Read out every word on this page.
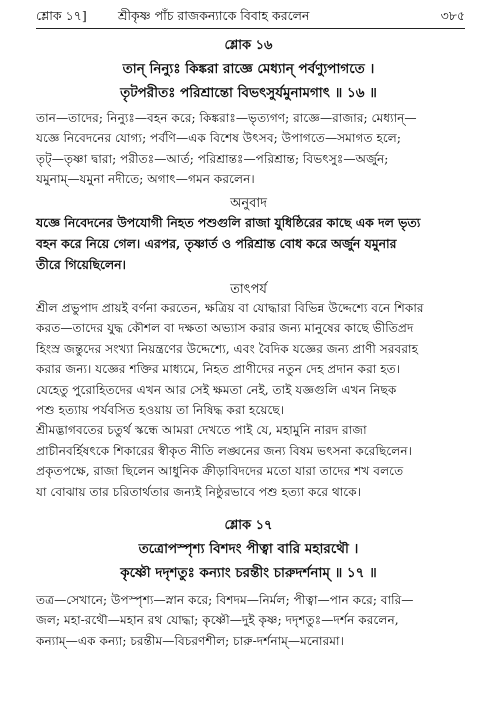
শ্লোক ১৭]	শ্রীকৃষ্ণ পাঁচ রাজকন্যাকে বিবাহ করলেন	৩৮৫
শ্লোক ১৬
তান্ নিন্যুঃ কিঙ্করা রাজ্ঞে মেধ্যান্ পর্বণ্যুপাগতে ।
তৃটপরীতঃ পরিশ্রান্তো বিভৎসুর্যমুনামগাৎ ॥ ১৬ ॥
তান—তাদের; নিন্যুঃ—বহন করে; কিঙ্করাঃ—ভৃত্যগণ; রাজ্ঞে—রাজার; মেধ্যান্—
যজ্ঞে নিবেদনের যোগ্য; পর্বণি—এক বিশেষ উৎসব; উপাগতে—সমাগত হলে;
তৃট্—তৃষ্ণা দ্বারা; পরীতঃ—আর্ত; পরিশ্রান্তঃ—পরিশ্রান্ত; বিভৎসুঃ—অর্জুন;
যমুনাম্—যমুনা নদীতে; অগাৎ—গমন করলেন।
অনুবাদ
যজ্ঞে নিবেদনের উপযোগী নিহত পশুগুলি রাজা যুধিষ্ঠিরের কাছে এক দল ভৃত্য
বহন করে নিয়ে গেল। এরপর, তৃষ্ণার্ত ও পরিশ্রান্ত বোধ করে অর্জুন যমুনার
তীরে গিয়েছিলেন।
তাৎপর্য
শ্রীল প্রভুপাদ প্রায়ই বর্ণনা করতেন, ক্ষত্রিয় বা যোদ্ধারা বিভিন্ন উদ্দেশ্যে বনে শিকার
করত—তাদের যুদ্ধ কৌশল বা দক্ষতা অভ্যাস করার জন্য মানুষের কাছে ভীতিপ্রদ
হিংস্র জন্তুদের সংখ্যা নিয়ন্ত্রণের উদ্দেশ্যে, এবং বৈদিক যজ্ঞের জন্য প্রাণী সরবরাহ
করার জন্য। যজ্ঞের শক্তির মাধ্যমে, নিহত প্রাণীদের নতুন দেহ প্রদান করা হত।
যেহেতু পুরোহিতদের এখন আর সেই ক্ষমতা নেই, তাই যজ্ঞগুলি এখন নিছক
পশু হত্যায় পর্যবসিত হওয়ায় তা নিষিদ্ধ করা হয়েছে।
শ্রীমদ্ভাগবতের চতুর্থ স্কন্ধে আমরা দেখতে পাই যে, মহামুনি নারদ রাজা
প্রাচীনবর্হিষৎকে শিকারের স্বীকৃত নীতি লঙ্ঘনের জন্য বিষম ভৎসনা করেছিলেন।
প্রকৃতপক্ষে, রাজা ছিলেন আধুনিক ক্রীড়াবিদদের মতো যারা তাদের শখ বলতে
যা বোঝায় তার চরিতার্থতার জন্যই নিষ্ঠুরভাবে পশু হত্যা করে থাকে।
শ্লোক ১৭
তত্রোপস্পৃশ্য বিশদং পীত্বা বারি মহারথৌ ।
কৃষ্ণৌ দদৃশতুঃ কন্যাং চরন্তীং চারুদর্শনাম্ ॥ ১৭ ॥
তত্র—সেখানে; উপস্পৃশ্য—স্নান করে; বিশদম—নির্মল; পীত্বা—পান করে; বারি—
জল; মহা-রথৌ—মহান রথ যোদ্ধা; কৃষ্ণৌ—দুই কৃষ্ণ; দদৃশতুঃ—দর্শন করলেন,
কন্যাম্—এক কন্যা; চরন্তীম—বিচরণশীল; চারু-দর্শনাম্—মনোরমা।
